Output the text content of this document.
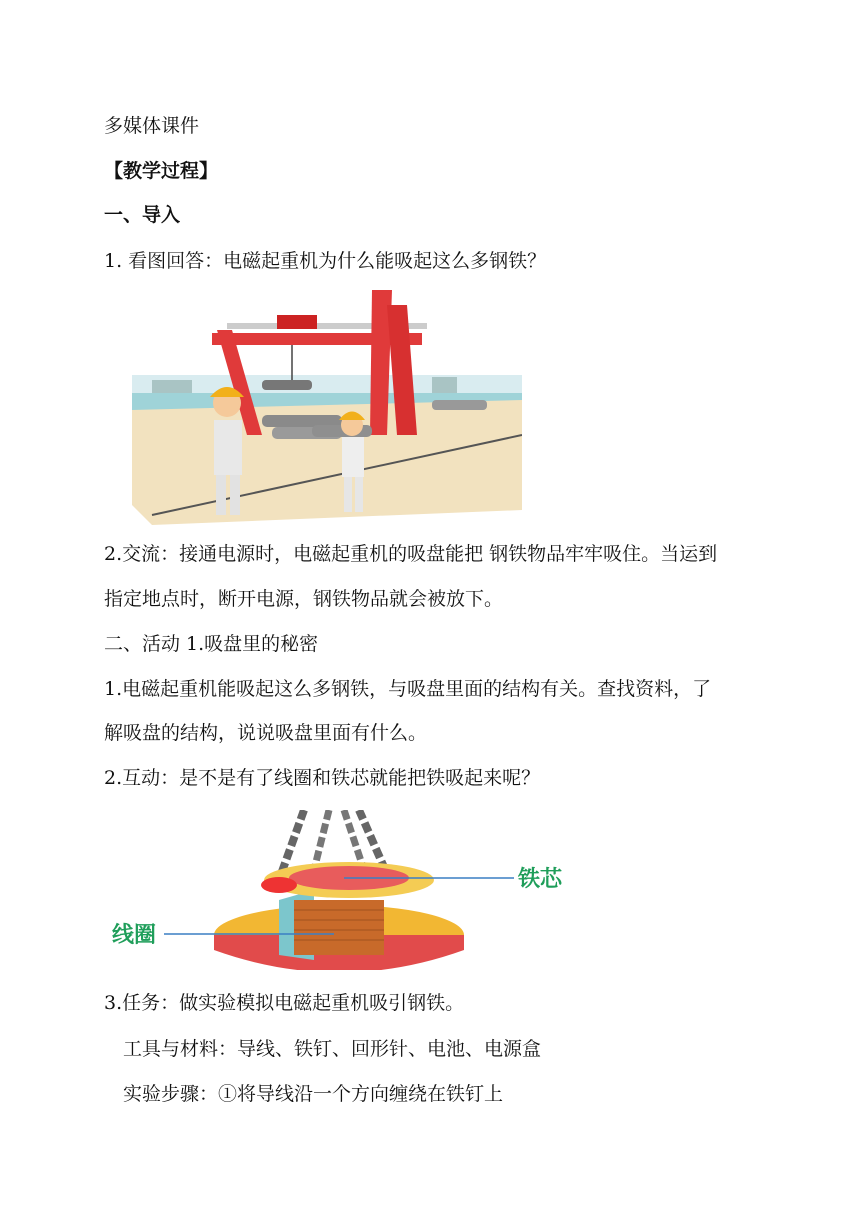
多媒体课件
【教学过程】
一、导入
1. 看图回答：电磁起重机为什么能吸起这么多钢铁？
2.交流：接通电源时，电磁起重机的吸盘能把 钢铁物品牢牢吸住。当运到
指定地点时，断开电源，钢铁物品就会被放下。
二、活动 1.吸盘里的秘密
1.电磁起重机能吸起这么多钢铁，与吸盘里面的结构有关。查找资料，了
解吸盘的结构，说说吸盘里面有什么。
2.互动：是不是有了线圈和铁芯就能把铁吸起来呢？
铁芯
线圈
3.任务：做实验模拟电磁起重机吸引钢铁。
工具与材料：导线、铁钉、回形针、电池、电源盒
实验步骤：①将导线沿一个方向缠绕在铁钉上
